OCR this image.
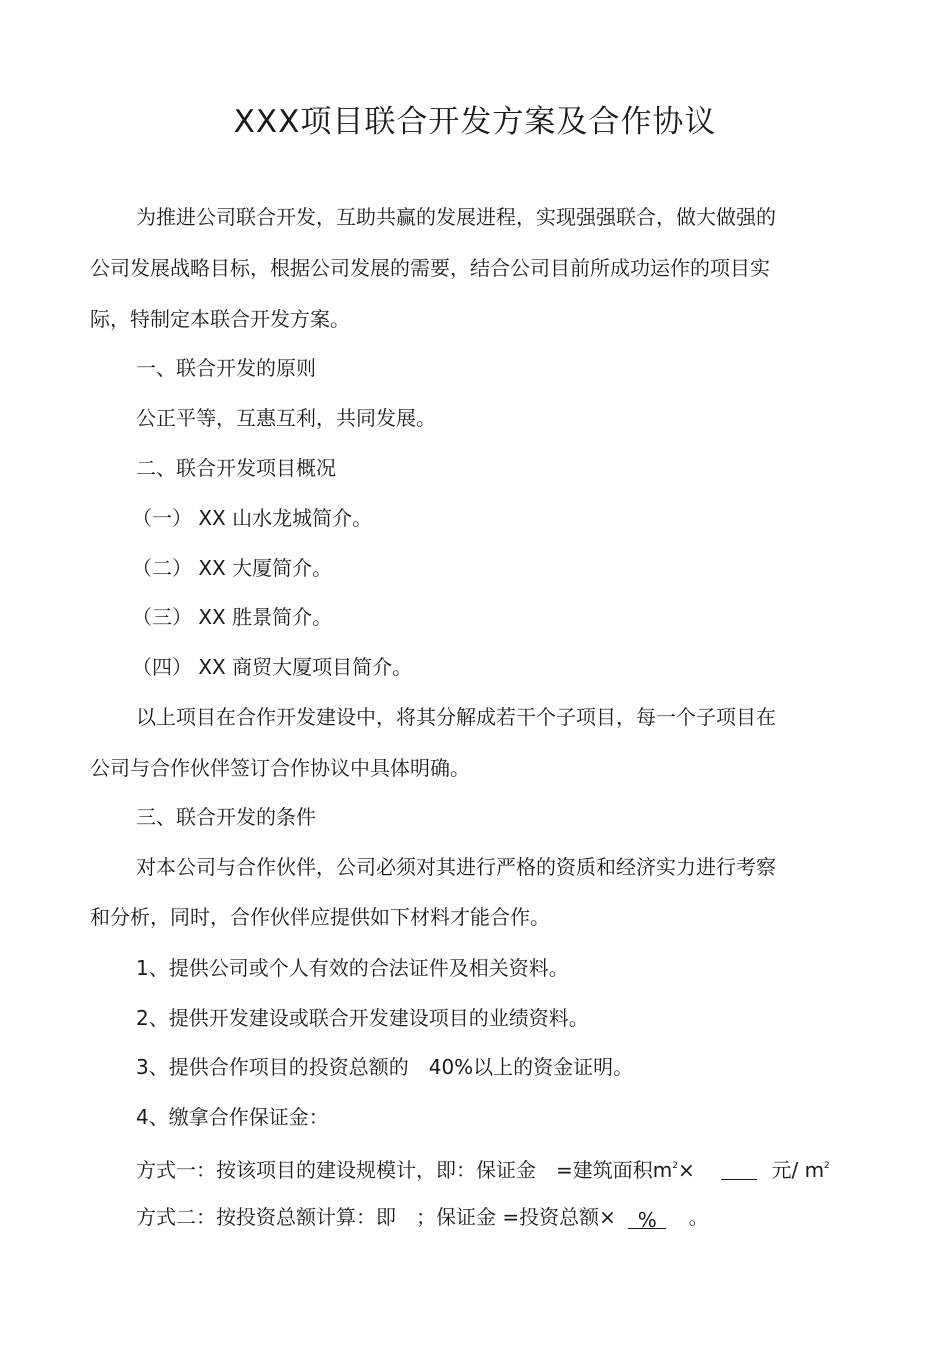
XXX项目联合开发方案及合作协议
为推进公司联合开发，互助共赢的发展进程，实现强强联合，做大做强的
公司发展战略目标，根据公司发展的需要，结合公司目前所成功运作的项目实
际，特制定本联合开发方案。
一、联合开发的原则
公正平等，互惠互利，共同发展。
二、联合开发项目概况
（一） XX 山水龙城简介。
（二） XX 大厦简介。
（三） XX 胜景简介。
（四） XX 商贸大厦项目简介。
以上项目在合作开发建设中，将其分解成若干个子项目，每一个子项目在
公司与合作伙伴签订合作协议中具体明确。
三、联合开发的条件
对本公司与合作伙伴，公司必须对其进行严格的资质和经济实力进行考察
和分析，同时，合作伙伴应提供如下材料才能合作。
1、提供公司或个人有效的合法证件及相关资料。
2、提供开发建设或联合开发建设项目的业绩资料。
3、提供合作项目的投资总额的　40%以上的资金证明。
4、缴拿合作保证金：
方式一：按该项目的建设规模计，即：保证金　=建筑面积$m^2\times$	元/ $m^2$
方式二：按投资总额计算：即　；保证金 =投资总额× % 。
